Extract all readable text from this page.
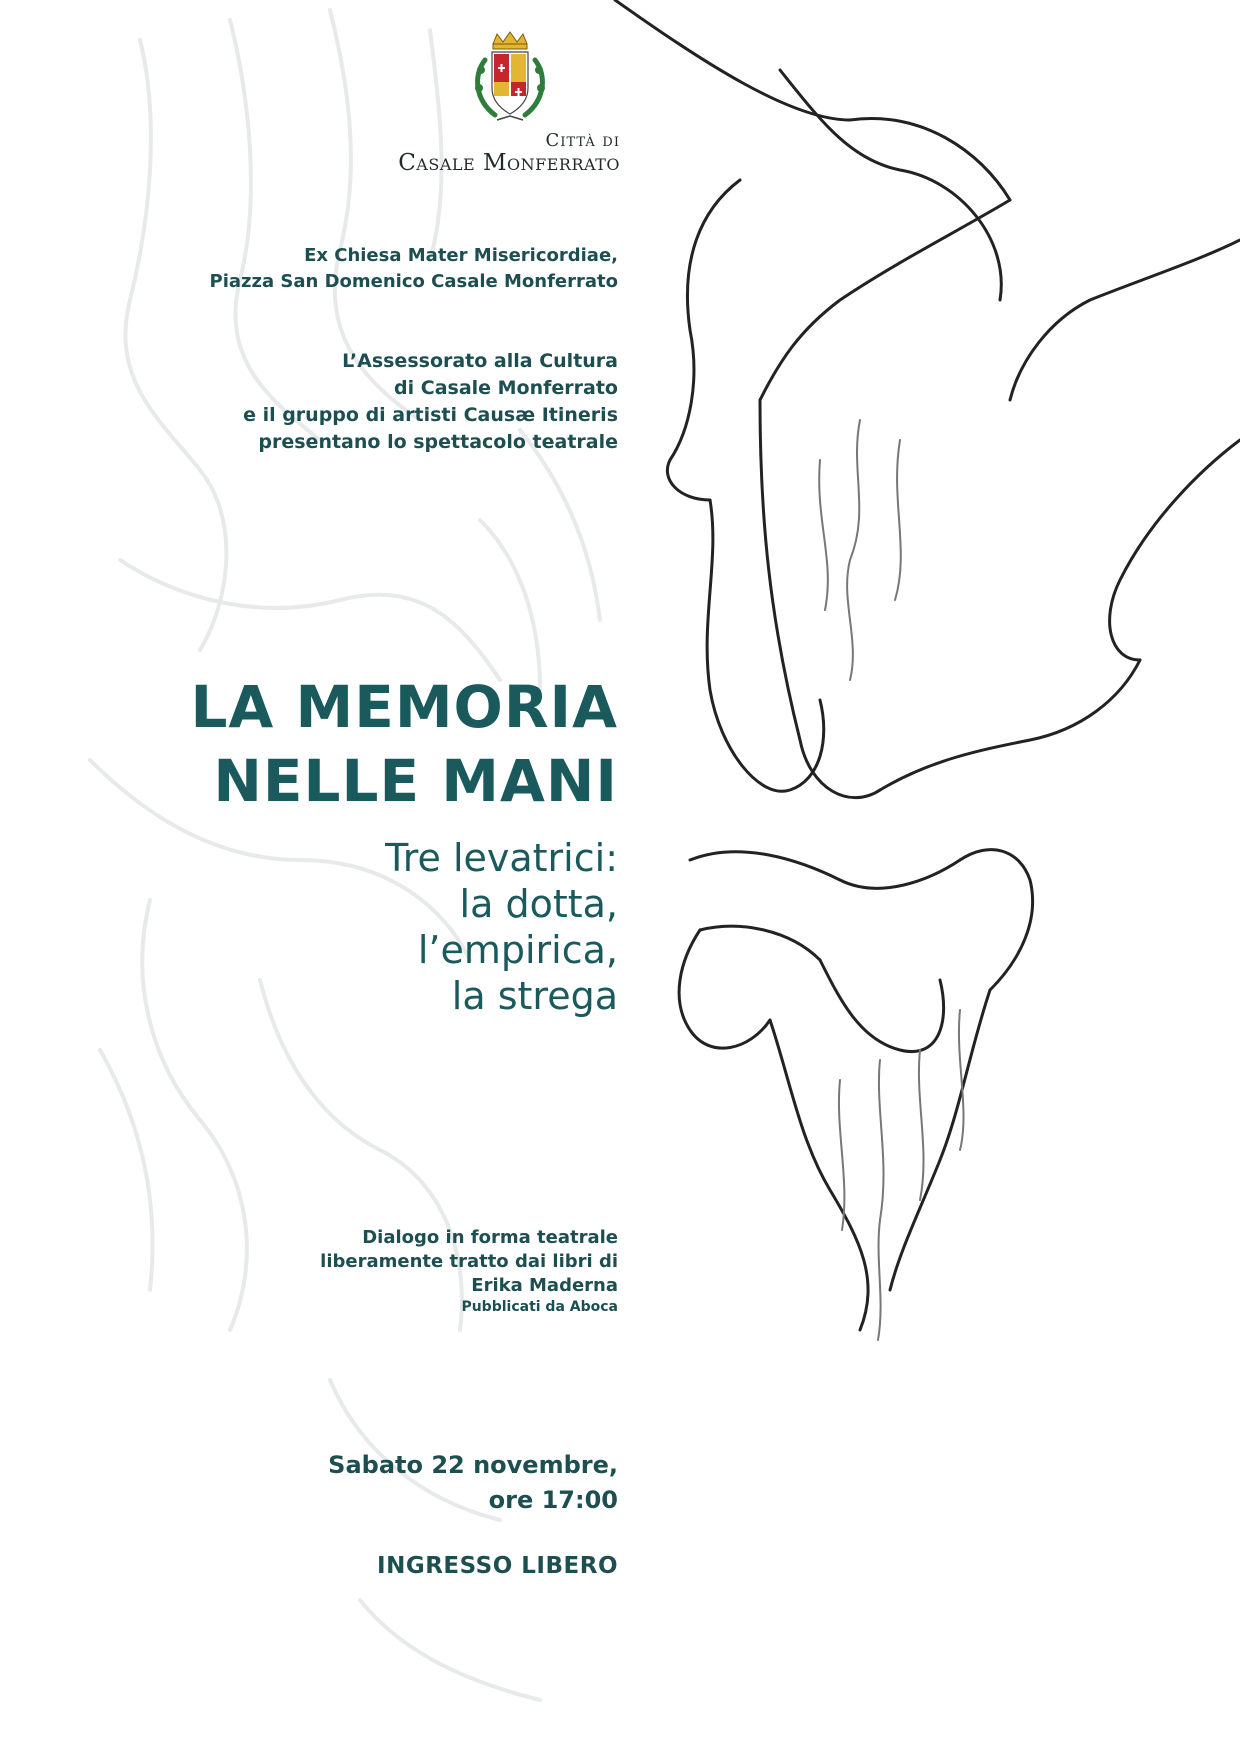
Città di
Casale Monferrato
Ex Chiesa Mater Misericordiae,
Piazza San Domenico Casale Monferrato
L’Assessorato alla Cultura
di Casale Monferrato
e il gruppo di artisti Causæ Itineris
presentano lo spettacolo teatrale
LA MEMORIA
NELLE MANI
Tre levatrici:
la dotta,
l’empirica,
la strega
Dialogo in forma teatrale
liberamente tratto dai libri di
Erika Maderna
Pubblicati da Aboca
Sabato 22 novembre,
ore 17:00
INGRESSO LIBERO
